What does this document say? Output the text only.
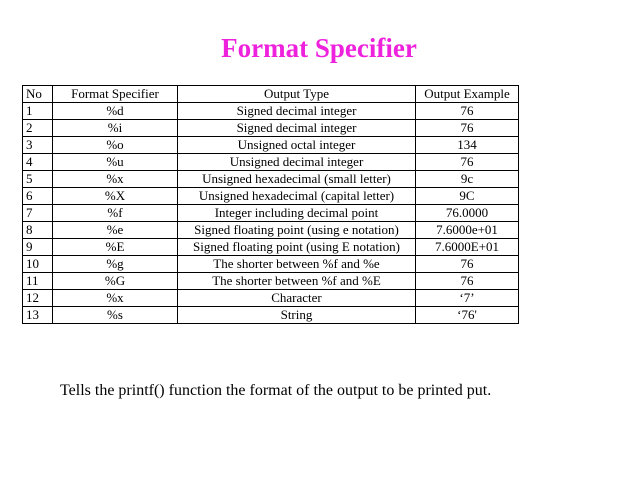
Format Specifier
No	Format Specifier	Output Type	Output Example
1	%d	Signed decimal integer	76
2	%i	Signed decimal integer	76
3	%o	Unsigned octal integer	134
4	%u	Unsigned decimal integer	76
5	%x	Unsigned hexadecimal (small letter)	9c
6	%X	Unsigned hexadecimal (capital letter)	9C
7	%f	Integer including decimal point	76.0000
8	%e	Signed floating point (using e notation)	7.6000e+01
9	%E	Signed floating point (using E notation)	7.6000E+01
10	%g	The shorter between %f and %e	76
11	%G	The shorter between %f and %E	76
12	%x	Character	‘7’
13	%s	String	‘76'
Tells the printf() function the format of the output to be printed put.
